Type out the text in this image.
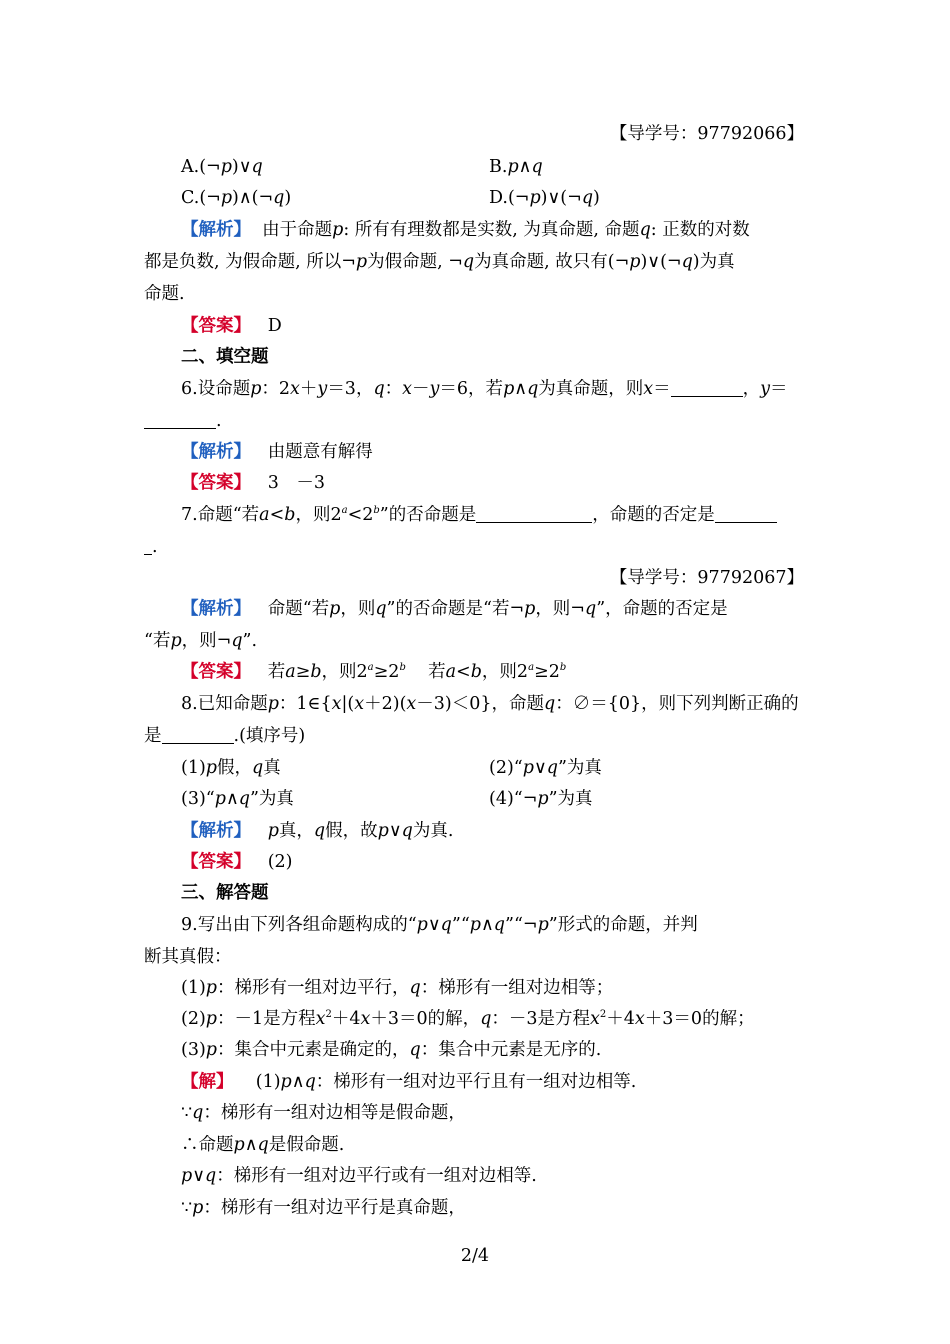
【导学号：97792066】
A.(¬p)∨q	B.p∧q
C.(¬p)∧(¬q)	D.(¬p)∨(¬q)
【解析】  由于命题p: 所有有理数都是实数, 为真命题, 命题q: 正数的对数
都是负数, 为假命题, 所以¬p为假命题, ¬q为真命题, 故只有(¬p)∨(¬q)为真
命题.
【答案】 D
二、填空题
6.设命题p：2x＋y＝3，q：x－y＝6，若p∧q为真命题，则x＝	，y＝
.
【解析】 由题意有解得
【答案】 3　－3
7.命题“若a<b，则$2^a<2^b$”的否命题是	，命题的否定是
.
【导学号：97792067】
【解析】   命题“若p，则q”的否命题是“若¬p，则¬q”，命题的否定是
“若p，则¬q”.
【答案】   若a≥b，则$2^a\ge 2^b$    若a<b，则$2^a\ge 2^b$
8.已知命题p：1∈{x|(x＋2)(x－3)＜0}，命题q：∅＝{0}，则下列判断正确的
是	.(填序号)
(1)p假，q真	(2)“p∨q”为真
(3)“p∧q”为真	(4)“¬p”为真
【解析】 p真，q假，故p∨q为真.
【答案】 (2)
三、解答题
9.写出由下列各组命题构成的“p∨q”“p∧q”“¬p”形式的命题，并判
断其真假：
(1)p：梯形有一组对边平行，q：梯形有一组对边相等；
(2)p：－1是方程$x^2+4x+3=0$的解，q：－3是方程$x^2+4x+3=0$的解；
(3)p：集合中元素是确定的，q：集合中元素是无序的.
【解】    (1)p∧q：梯形有一组对边平行且有一组对边相等.
∵q：梯形有一组对边相等是假命题，
∴命题p∧q是假命题.
p∨q：梯形有一组对边平行或有一组对边相等.
∵p：梯形有一组对边平行是真命题，
2/4
